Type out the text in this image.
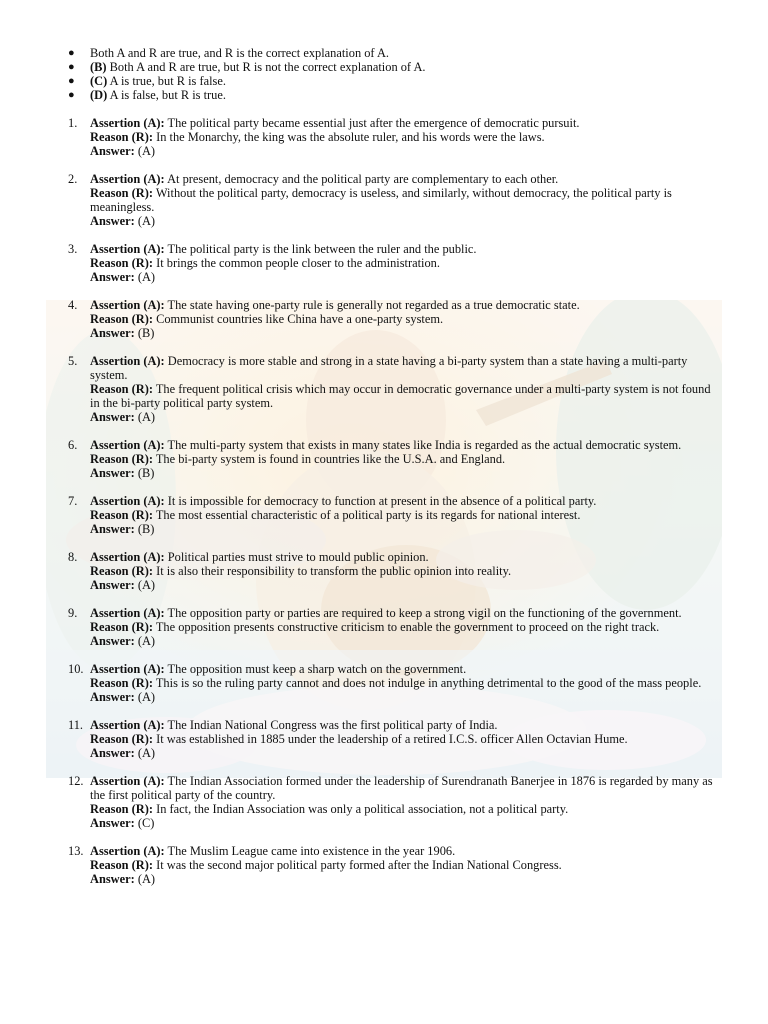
● Both A and R are true, and R is the correct explanation of A.
● (B) Both A and R are true, but R is not the correct explanation of A.
● (C) A is true, but R is false.
● (D) A is false, but R is true.
1. Assertion (A): The political party became essential just after the emergence of democratic pursuit.
Reason (R): In the Monarchy, the king was the absolute ruler, and his words were the laws.
Answer: (A)
2. Assertion (A): At present, democracy and the political party are complementary to each other.
Reason (R): Without the political party, democracy is useless, and similarly, without democracy, the political party is meaningless.
Answer: (A)
3. Assertion (A): The political party is the link between the ruler and the public.
Reason (R): It brings the common people closer to the administration.
Answer: (A)
4. Assertion (A): The state having one-party rule is generally not regarded as a true democratic state.
Reason (R): Communist countries like China have a one-party system.
Answer: (B)
5. Assertion (A): Democracy is more stable and strong in a state having a bi-party system than a state having a multi-party system.
Reason (R): The frequent political crisis which may occur in democratic governance under a multi-party system is not found in the bi-party political party system.
Answer: (A)
6. Assertion (A): The multi-party system that exists in many states like India is regarded as the actual democratic system.
Reason (R): The bi-party system is found in countries like the U.S.A. and England.
Answer: (B)
7. Assertion (A): It is impossible for democracy to function at present in the absence of a political party.
Reason (R): The most essential characteristic of a political party is its regards for national interest.
Answer: (B)
8. Assertion (A): Political parties must strive to mould public opinion.
Reason (R): It is also their responsibility to transform the public opinion into reality.
Answer: (A)
9. Assertion (A): The opposition party or parties are required to keep a strong vigil on the functioning of the government.
Reason (R): The opposition presents constructive criticism to enable the government to proceed on the right track.
Answer: (A)
10. Assertion (A): The opposition must keep a sharp watch on the government.
Reason (R): This is so the ruling party cannot and does not indulge in anything detrimental to the good of the mass people.
Answer: (A)
11. Assertion (A): The Indian National Congress was the first political party of India.
Reason (R): It was established in 1885 under the leadership of a retired I.C.S. officer Allen Octavian Hume.
Answer: (A)
12. Assertion (A): The Indian Association formed under the leadership of Surendranath Banerjee in 1876 is regarded by many as the first political party of the country.
Reason (R): In fact, the Indian Association was only a political association, not a political party.
Answer: (C)
13. Assertion (A): The Muslim League came into existence in the year 1906.
Reason (R): It was the second major political party formed after the Indian National Congress.
Answer: (A)
